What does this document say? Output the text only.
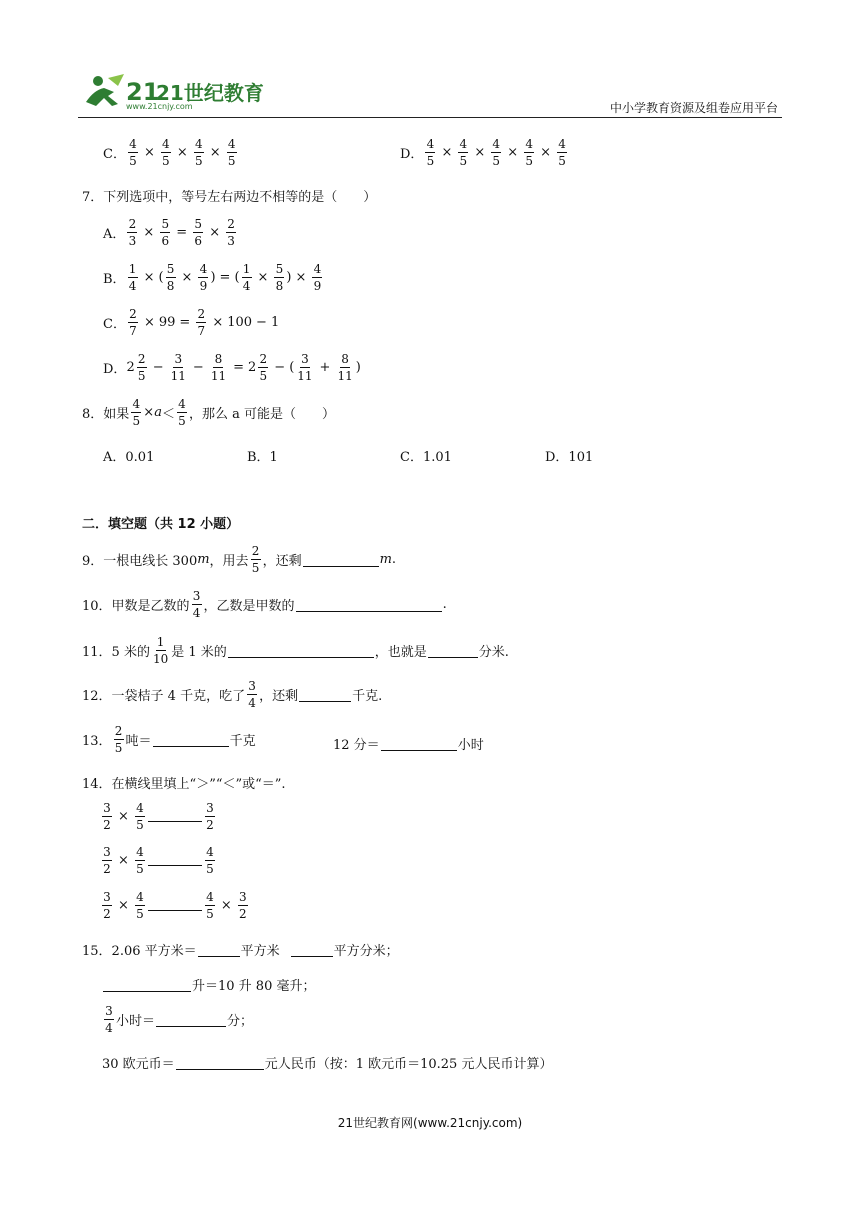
21
21世纪教育
www.21cnjy.com	中小学教育资源及组卷应用平台
C． $\frac{4}{5} \times \frac{4}{5} \times \frac{4}{5} \times \frac{4}{5}$	D． $\frac{4}{5} \times \frac{4}{5} \times \frac{4}{5} \times \frac{4}{5} \times \frac{4}{5}$
7．下列选项中，等号左右两边不相等的是（　　）
A． $\frac{2}{3} \times \frac{5}{6} = \frac{5}{6} \times \frac{2}{3}$
B． $\frac{1}{4}$ × ( $\frac{5}{8} \times \frac{4}{9}$ ) = ( $\frac{1}{4} \times \frac{5}{8}$ ) × $\frac{4}{9}$
C． $\frac{2}{7} \times 99 = \frac{2}{7} \times 100 - 1$
D． $2 \frac{2}{5} - \frac{3}{11} - \frac{8}{11} = 2 \frac{2}{5}$ − ( $\frac{3}{11} + \frac{8}{11}$ )
8．如果 $\frac{4}{5} \times a < \frac{4}{5}$ ，那么 a 可能是（　　）
A．0.01	B．1	C．1.01	D．101
二．填空题（共 12 小题）
9．一根电线长 300 m ，用去 $\frac{2}{5}$ ，还剩	m .
10．甲数是乙数的 $\frac{3}{4}$ ，乙数是甲数的	.
11．5 米的 $\frac{1}{10}$ 是 1 米的	，也就是	分米.
12．一袋桔子 4 千克，吃了 $\frac{3}{4}$ ，还剩	千克.
13． $\frac{2}{5}$ 吨＝	千克	12 分＝	小时
14．在横线里填上“＞”“＜”或“＝”.
$\frac{3}{2} \times \frac{4}{5}$	$\frac{3}{2}$
$\frac{3}{2} \times \frac{4}{5}$	$\frac{4}{5}$
$\frac{3}{2} \times \frac{4}{5}$	$\frac{4}{5} \times \frac{3}{2}$
15．2.06 平方米＝	平方米	平方分米；
升＝10 升 80 毫升；
$\frac{3}{4}$ 小时＝	分；
30 欧元币＝	元人民币（按：1 欧元币＝10.25 元人民币计算）
21世纪教育网(www.21cnjy.com)
